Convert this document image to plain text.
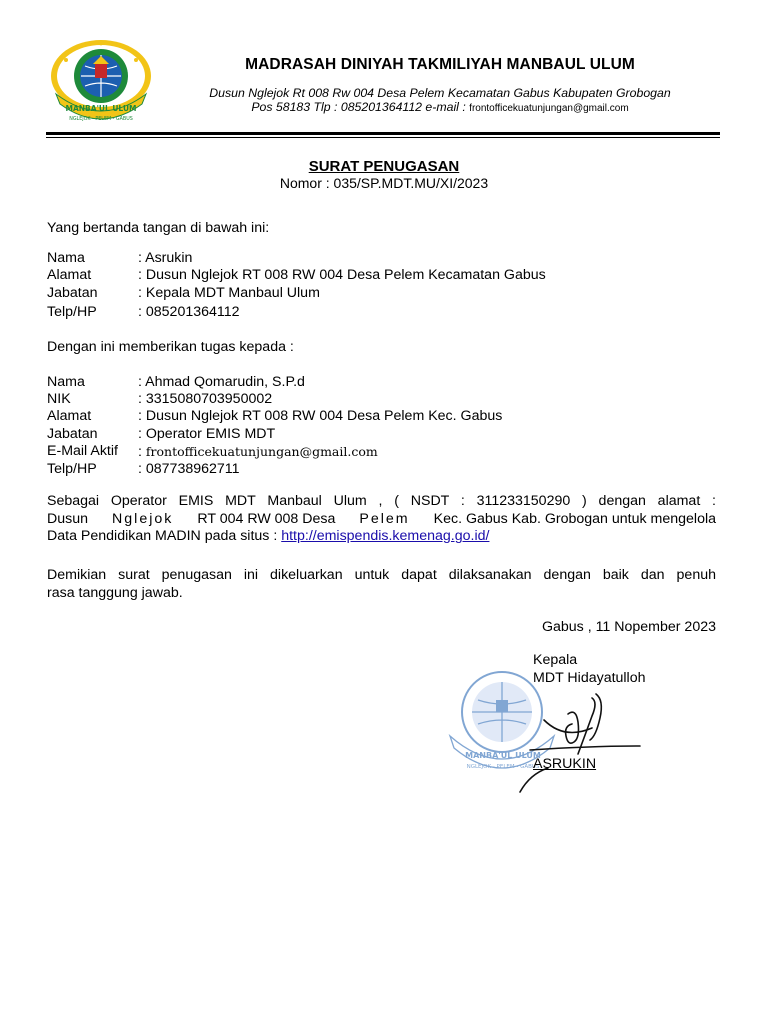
MANBA'UL ULUM
NGLEJOK - PELEM - GABUS
MADRASAH DINIYAH TAKMILIYAH MANBAUL ULUM
Dusun Nglejok Rt 008 Rw 004 Desa Pelem Kecamatan Gabus Kabupaten Grobogan
Pos 58183 Tlp : 085201364112 e-mail : frontofficekuatunjungan@gmail.com
SURAT PENUGASAN
Nomor : 035/SP.MDT.MU/XI/2023
Yang bertanda tangan di bawah ini:
Nama	: Asrukin
Alamat	: Dusun Nglejok RT 008 RW 004 Desa Pelem Kecamatan Gabus
Jabatan	: Kepala MDT Manbaul Ulum
Telp/HP	: 085201364112
Dengan ini memberikan tugas kepada :
Nama	: Ahmad Qomarudin, S.P.d
NIK	: 3315080703950002
Alamat	: Dusun Nglejok RT 008 RW 004 Desa Pelem Kec. Gabus
Jabatan	: Operator EMIS MDT
E-Mail Aktif : frontofficekuatunjungan@gmail.com
Telp/HP	: 087738962711
Sebagai Operator EMIS MDT Manbaul Ulum , ( NSDT : 311233150290 ) dengan alamat :
Dusun Nglejok RT 004 RW 008 Desa Pelem Kec. Gabus Kab. Grobogan untuk mengelola
Data Pendidikan MADIN pada situs : http://emispendis.kemenag.go.id/
Demikian surat penugasan ini dikeluarkan untuk dapat dilaksanakan dengan baik dan penuh
rasa tanggung jawab.
Gabus , 11 Nopember 2023
MANBA'UL ULUM
NGLEJOK - PELEM - GABUS
Kepala
MDT Hidayatulloh
ASRUKIN
